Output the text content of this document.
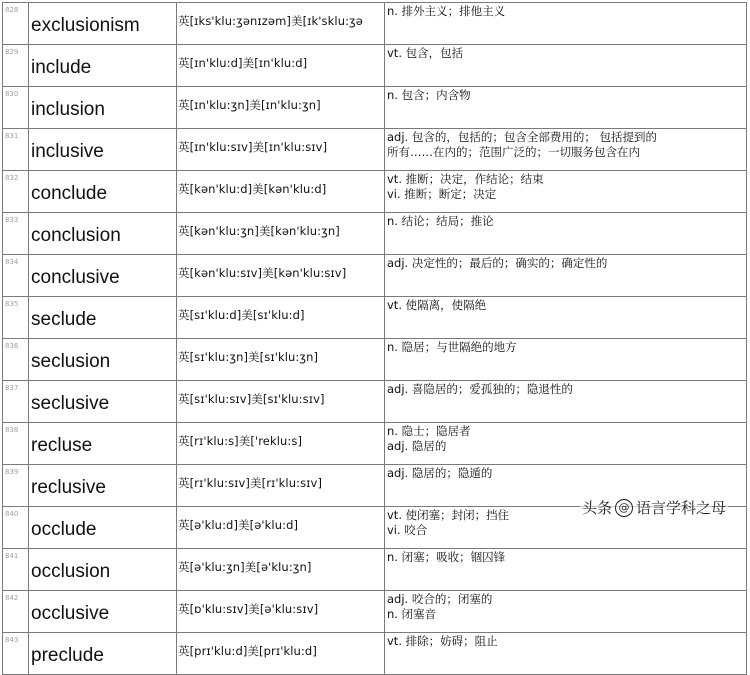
828	exclusionism	英[ɪks'klu:ʒənɪzəm]美[ɪk'sklu:ʒə	n. 排外主义；排他主义

829	include	英[ɪn'klu:d]美[ɪn'klu:d]	vt. 包含，包括

830	inclusion	英[ɪn'klu:ʒn]美[ɪn'klu:ʒn]	n. 包含；内含物

831	inclusive	英[ɪn'klu:sɪv]美[ɪn'klu:sɪv]	adj. 包含的，包括的；包含全部费用的； 包括提到的
所有……在内的；范围广泛的；一切服务包含在内

832	conclude	英[kən'klu:d]美[kən'klu:d]	vt. 推断；决定，作结论；结束
vi. 推断；断定；决定

833	conclusion	英[kən'klu:ʒn]美[kən'klu:ʒn]	n. 结论；结局；推论

834	conclusive	英[kən'klu:sɪv]美[kən'klu:sɪv]	adj. 决定性的；最后的；确实的；确定性的

835	seclude	英[sɪ'klu:d]美[sɪ'klu:d]	vt. 使隔离，使隔绝

836	seclusion	英[sɪ'klu:ʒn]美[sɪ'klu:ʒn]	n. 隐居；与世隔绝的地方

837	seclusive	英[sɪ'klu:sɪv]美[sɪ'klu:sɪv]	adj. 喜隐居的；爱孤独的；隐退性的

838	recluse	英[rɪ'klu:s]美['reklu:s]	n. 隐士；隐居者
adj. 隐居的

839	reclusive	英[rɪ'klu:sɪv]美[rɪ'klu:sɪv]	adj. 隐居的；隐遁的

840	occlude	英[ə'klu:d]美[ə'klu:d]	vt. 使闭塞；封闭；挡住
vi. 咬合

841	occlusion	英[ə'klu:ʒn]美[ə'klu:ʒn]	n. 闭塞；吸收；锢囚锋

842	occlusive	英[ɒ'klu:sɪv]美[ə'klu:sɪv]	adj. 咬合的；闭塞的
n. 闭塞音

843	preclude	英[prɪ'klu:d]美[prɪ'klu:d]	vt. 排除；妨碍；阻止
头条 @ 语言学科之母
